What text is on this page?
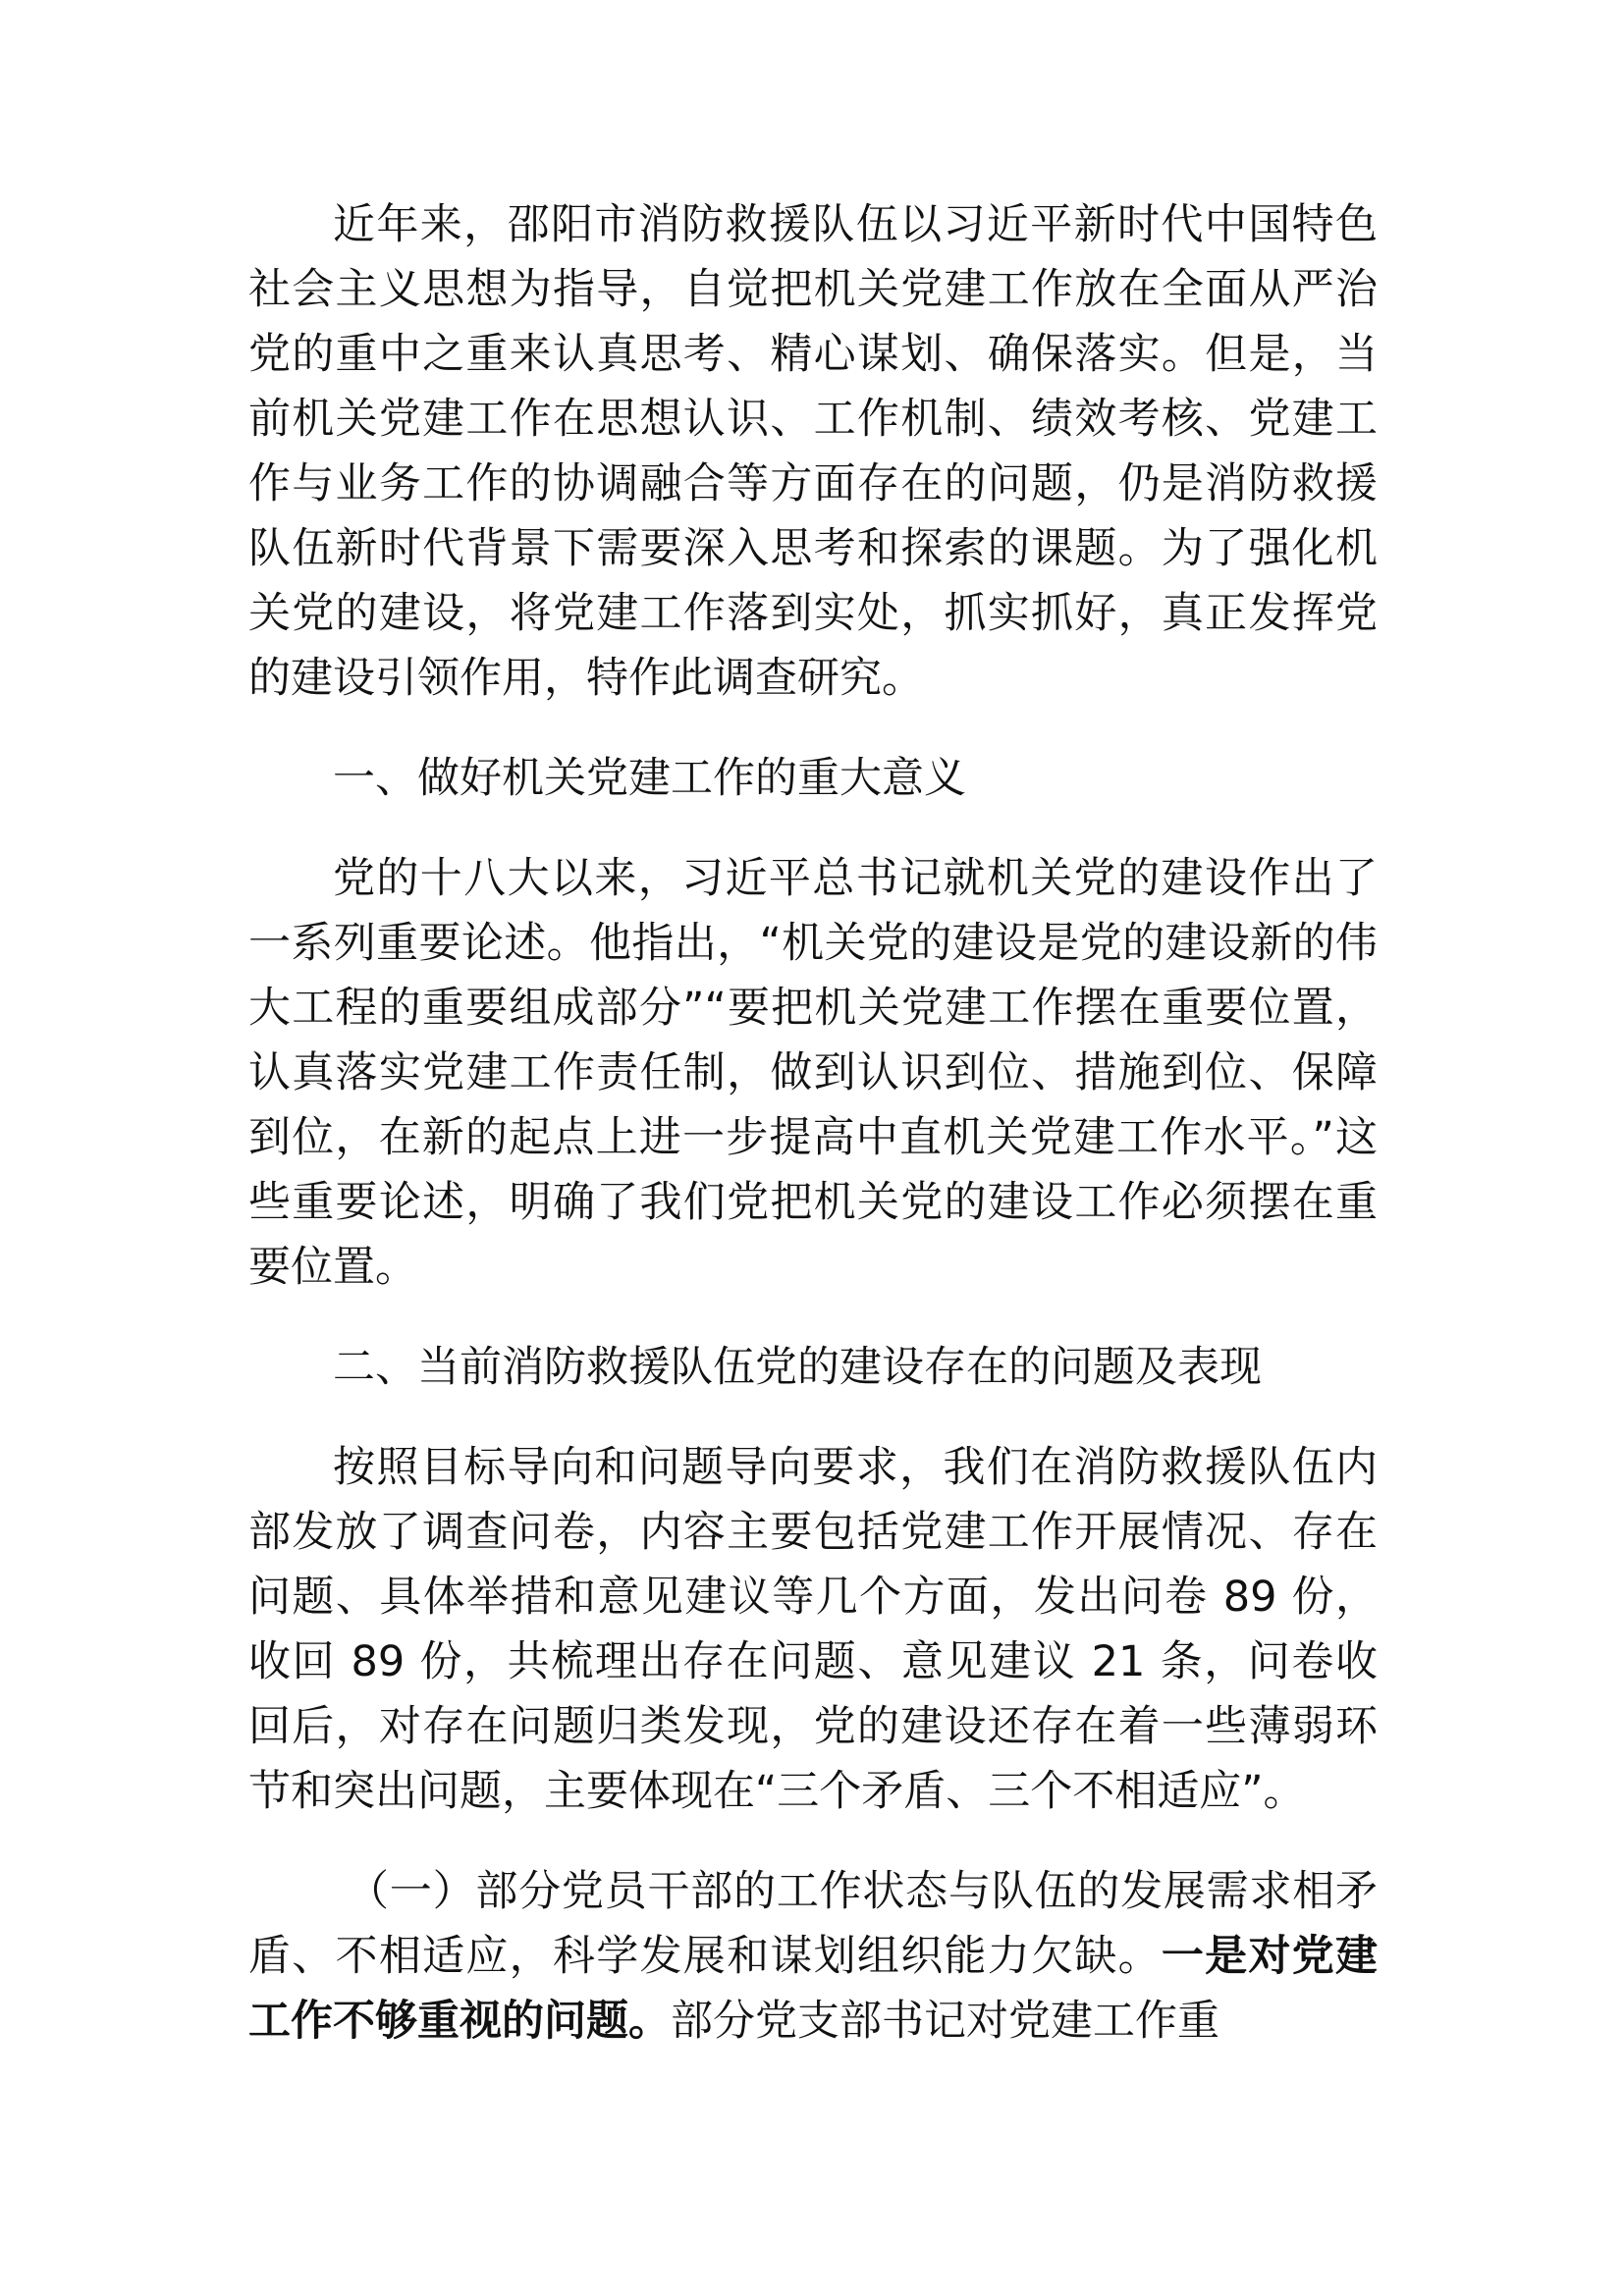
近年来，邵阳市消防救援队伍以习近平新时代中国特色社会主义思想为指导，自觉把机关党建工作放在全面从严治党的重中之重来认真思考、精心谋划、确保落实。但是，当前机关党建工作在思想认识、工作机制、绩效考核、党建工作与业务工作的协调融合等方面存在的问题，仍是消防救援队伍新时代背景下需要深入思考和探索的课题。为了强化机关党的建设，将党建工作落到实处，抓实抓好，真正发挥党的建设引领作用，特作此调查研究。

一、做好机关党建工作的重大意义

党的十八大以来，习近平总书记就机关党的建设作出了一系列重要论述。他指出，“机关党的建设是党的建设新的伟大工程的重要组成部分”“要把机关党建工作摆在重要位置，认真落实党建工作责任制，做到认识到位、措施到位、保障到位，在新的起点上进一步提高中直机关党建工作水平。”这些重要论述，明确了我们党把机关党的建设工作必须摆在重要位置。

二、当前消防救援队伍党的建设存在的问题及表现

按照目标导向和问题导向要求，我们在消防救援队伍内部发放了调查问卷，内容主要包括党建工作开展情况、存在问题、具体举措和意见建议等几个方面，发出问卷 89 份，收回 89 份，共梳理出存在问题、意见建议 21 条，问卷收回后，对存在问题归类发现，党的建设还存在着一些薄弱环节和突出问题，主要体现在“三个矛盾、三个不相适应”。

（一）部分党员干部的工作状态与队伍的发展需求相矛盾、不相适应，科学发展和谋划组织能力欠缺。一是对党建工作不够重视的问题。部分党支部书记对党建工作重
